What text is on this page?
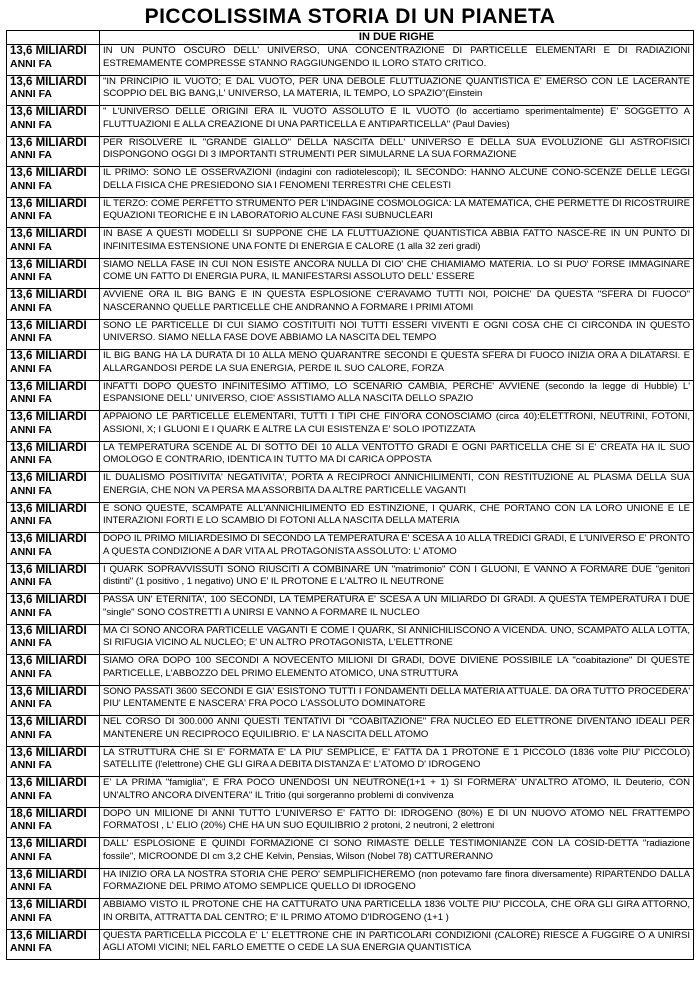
PICCOLISSIMA STORIA DI UN PIANETA
	IN DUE RIGHE

13,6 MILIARDI
ANNI FA	IN UN PUNTO OSCURO DELL' UNIVERSO, UNA CONCENTRAZIONE DI PARTICELLE ELEMENTARI E DI RADIAZIONI ESTREMAMENTE COMPRESSE STANNO RAGGIUNGENDO IL LORO STATO CRITICO.

13,6 MILIARDI
ANNI FA	"IN PRINCIPIO IL VUOTO; E DAL VUOTO, PER UNA DEBOLE FLUTTUAZIONE QUANTISTICA E' EMERSO CON LE LACERANTE SCOPPIO DEL BIG BANG,L' UNIVERSO, LA MATERIA, IL TEMPO, LO SPAZIO"(Einstein

13,6 MILIARDI
ANNI FA	" L'UNIVERSO DELLE ORIGINI ERA IL VUOTO ASSOLUTO E IL VUOTO (lo accertiamo sperimentalmente) E' SOGGETTO A FLUTTUAZIONI E ALLA CREAZIONE DI UNA PARTICELLA E ANTIPARTICELLA" (Paul Davies)

13,6 MILIARDI
ANNI FA	PER RISOLVERE IL "GRANDE GIALLO" DELLA NASCITA DELL' UNIVERSO E DELLA SUA EVOLUZIONE GLI ASTROFISICI DISPONGONO OGGI DI 3 IMPORTANTI STRUMENTI PER SIMULARNE LA SUA FORMAZIONE

13,6 MILIARDI
ANNI FA	IL PRIMO: SONO LE OSSERVAZIONI (indagini con radiotelescopi); IL SECONDO: HANNO ALCUNE CONO-SCENZE DELLE LEGGI DELLA FISICA CHE PRESIEDONO SIA I FENOMENI TERRESTRI CHE CELESTI

13,6 MILIARDI
ANNI FA	IL TERZO: COME PERFETTO STRUMENTO PER L'INDAGINE COSMOLOGICA: LA MATEMATICA, CHE PERMETTE DI RICOSTRUIRE EQUAZIONI TEORICHE E IN LABORATORIO ALCUNE FASI SUBNUCLEARI

13,6 MILIARDI
ANNI FA	IN BASE A QUESTI MODELLI SI SUPPONE CHE LA FLUTTUAZIONE QUANTISTICA ABBIA FATTO NASCE-RE IN UN PUNTO DI INFINITESIMA ESTENSIONE UNA FONTE DI ENERGIA E CALORE (1 alla 32 zeri gradi)

13,6 MILIARDI
ANNI FA	SIAMO NELLA FASE IN CUI NON ESISTE ANCORA NULLA DI CIO' CHE CHIAMIAMO MATERIA. LO SI PUO' FORSE IMMAGINARE COME UN FATTO DI ENERGIA PURA, IL MANIFESTARSI ASSOLUTO DELL' ESSERE

13,6 MILIARDI
ANNI FA	AVVIENE ORA IL BIG BANG E IN QUESTA ESPLOSIONE C'ERAVAMO TUTTI NOI, POICHE' DA QUESTA "SFERA DI FUOCO" NASCERANNO QUELLE PARTICELLE CHE ANDRANNO A FORMARE I PRIMI ATOMI

13,6 MILIARDI
ANNI FA	SONO LE PARTICELLE DI CUI SIAMO COSTITUITI NOI TUTTI ESSERI VIVENTI E OGNI COSA CHE CI CIRCONDA IN QUESTO UNIVERSO. SIAMO NELLA FASE DOVE ABBIAMO LA NASCITA DEL TEMPO

13,6 MILIARDI
ANNI FA	IL BIG BANG HA LA DURATA DI 10 ALLA MENO QUARANTRE SECONDI E QUESTA SFERA DI FUOCO INIZIA ORA A DILATARSI. E ALLARGANDOSI PERDE LA SUA ENERGIA, PERDE IL SUO CALORE, FORZA

13,6 MILIARDI
ANNI FA	INFATTI DOPO QUESTO INFINITESIMO ATTIMO, LO SCENARIO CAMBIA, PERCHE' AVVIENE (secondo la legge di Hubble) L' ESPANSIONE DELL' UNIVERSO, CIOE' ASSISTIAMO ALLA NASCITA DELLO SPAZIO

13,6 MILIARDI
ANNI FA	APPAIONO LE PARTICELLE ELEMENTARI, TUTTI I TIPI CHE FIN'ORA CONOSCIAMO (circa 40):ELETTRONI, NEUTRINI, FOTONI, ASSIONI, X; I GLUONI E I QUARK E ALTRE LA CUI ESISTENZA E' SOLO IPOTIZZATA

13,6 MILIARDI
ANNI FA	LA TEMPERATURA SCENDE AL DI SOTTO DEI 10 ALLA VENTOTTO GRADI E OGNI PARTICELLA CHE SI E' CREATA HA IL SUO OMOLOGO E CONTRARIO, IDENTICA IN TUTTO MA DI CARICA OPPOSTA

13,6 MILIARDI
ANNI FA	IL DUALISMO POSITIVITA' NEGATIVITA', PORTA A RECIPROCI ANNICHILIMENTI, CON RESTITUZIONE AL PLASMA DELLA SUA ENERGIA, CHE NON VA PERSA MA ASSORBITA DA ALTRE PARTICELLE VAGANTI

13,6 MILIARDI
ANNI FA	E SONO QUESTE, SCAMPATE ALL'ANNICHILIMENTO ED ESTINZIONE, I QUARK, CHE PORTANO CON LA LORO UNIONE E LE INTERAZIONI FORTI E LO SCAMBIO DI FOTONI ALLA NASCITA DELLA MATERIA

13,6 MILIARDI
ANNI FA	DOPO IL PRIMO MILIARDESIMO DI SECONDO LA TEMPERATURA E' SCESA A 10 ALLA TREDICI GRADI, E L'UNIVERSO E' PRONTO A QUESTA CONDIZIONE A DAR VITA AL PROTAGONISTA ASSOLUTO: L' ATOMO

13,6 MILIARDI
ANNI FA	I QUARK SOPRAVVISSUTI SONO RIUSCITI A COMBINARE UN "matrimonio" CON I GLUONI, E VANNO A FORMARE DUE "genitori distinti" (1 positivo , 1 negativo) UNO E' IL PROTONE E L'ALTRO IL NEUTRONE

13,6 MILIARDI
ANNI FA	PASSA UN' ETERNITA', 100 SECONDI, LA TEMPERATURA E' SCESA A UN MILIARDO DI GRADI. A QUESTA TEMPERATURA I DUE "single" SONO COSTRETTI A UNIRSI E VANNO A FORMARE IL NUCLEO

13,6 MILIARDI
ANNI FA	MA CI SONO ANCORA PARTICELLE VAGANTI E COME I QUARK, SI ANNICHILISCONO A VICENDA. UNO, SCAMPATO ALLA LOTTA, SI RIFUGIA VICINO AL NUCLEO; E' UN ALTRO PROTAGONISTA, L'ELETTRONE

13,6 MILIARDI
ANNI FA	SIAMO ORA DOPO 100 SECONDI A NOVECENTO MILIONI DI GRADI, DOVE DIVIENE POSSIBILE LA "coabitazione" DI QUESTE PARTICELLE, L'ABBOZZO DEL PRIMO ELEMENTO ATOMICO, UNA STRUTTURA

13,6 MILIARDI
ANNI FA	SONO PASSATI 3600 SECONDI E GIA' ESISTONO TUTTI I FONDAMENTI DELLA MATERIA ATTUALE. DA ORA TUTTO PROCEDERA' PIU' LENTAMENTE E NASCERA' FRA POCO L'ASSOLUTO DOMINATORE

13,6 MILIARDI
ANNI FA	NEL CORSO DI 300.000 ANNI QUESTI TENTATIVI DI "COABITAZIONE" FRA NUCLEO ED ELETTRONE DIVENTANO IDEALI PER MANTENERE UN RECIPROCO EQUILIBRIO. E' LA NASCITA DELL ATOMO

13,6 MILIARDI
ANNI FA	LA STRUTTURA CHE SI E' FORMATA E' LA PIU' SEMPLICE, E' FATTA DA 1 PROTONE E 1 PICCOLO (1836 volte PIU' PICCOLO) SATELLITE (l'elettrone) CHE GLI GIRA A DEBITA DISTANZA E' L'ATOMO D' IDROGENO

13,6 MILIARDI
ANNI FA	E' LA PRIMA "famiglia", E FRA POCO UNENDOSI UN NEUTRONE(1+1 + 1) SI FORMERA' UN'ALTRO ATOMO, IL Deuterio, CON UN'ALTRO ANCORA DIVENTERA" IL Tritio (qui sorgeranno problemi di convivenza

18,6 MILIARDI
ANNI FA	DOPO UN MILIONE DI ANNI TUTTO L'UNIVERSO E' FATTO DI: IDROGENO (80%) E DI UN NUOVO ATOMO NEL FRATTEMPO FORMATOSI , L' ELIO (20%) CHE HA UN SUO EQUILIBRIO 2 protoni, 2 neutroni, 2 elettroni

13,6 MILIARDI
ANNI FA	DALL' ESPLOSIONE E QUINDI FORMAZIONE CI SONO RIMASTE DELLE TESTIMONIANZE CON LA COSID-DETTA "radiazione fossile", MICROONDE DI cm 3,2 CHE Kelvin, Pensias, Wilson (Nobel 78) CATTURERANNO

13,6 MILIARDI
ANNI FA	HA INIZIO ORA LA NOSTRA STORIA CHE PERO' SEMPLIFICHEREMO (non potevamo fare finora diversamente) RIPARTENDO DALLA FORMAZIONE DEL PRIMO ATOMO SEMPLICE QUELLO DI IDROGENO

13,6 MILIARDI
ANNI FA	ABBIAMO VISTO IL PROTONE CHE HA CATTURATO UNA PARTICELLA 1836 VOLTE PIU' PICCOLA, CHE ORA GLI GIRA ATTORNO, IN ORBITA, ATTRATTA DAL CENTRO; E' IL PRIMO ATOMO D'IDROGENO (1+1 )

13,6 MILIARDI
ANNI FA	QUESTA PARTICELLA PICCOLA E' L' ELETTRONE CHE IN PARTICOLARI CONDIZIONI (CALORE) RIESCE A FUGGIRE O A UNIRSI AGLI ATOMI VICINI; NEL FARLO EMETTE O CEDE LA SUA ENERGIA QUANTISTICA
